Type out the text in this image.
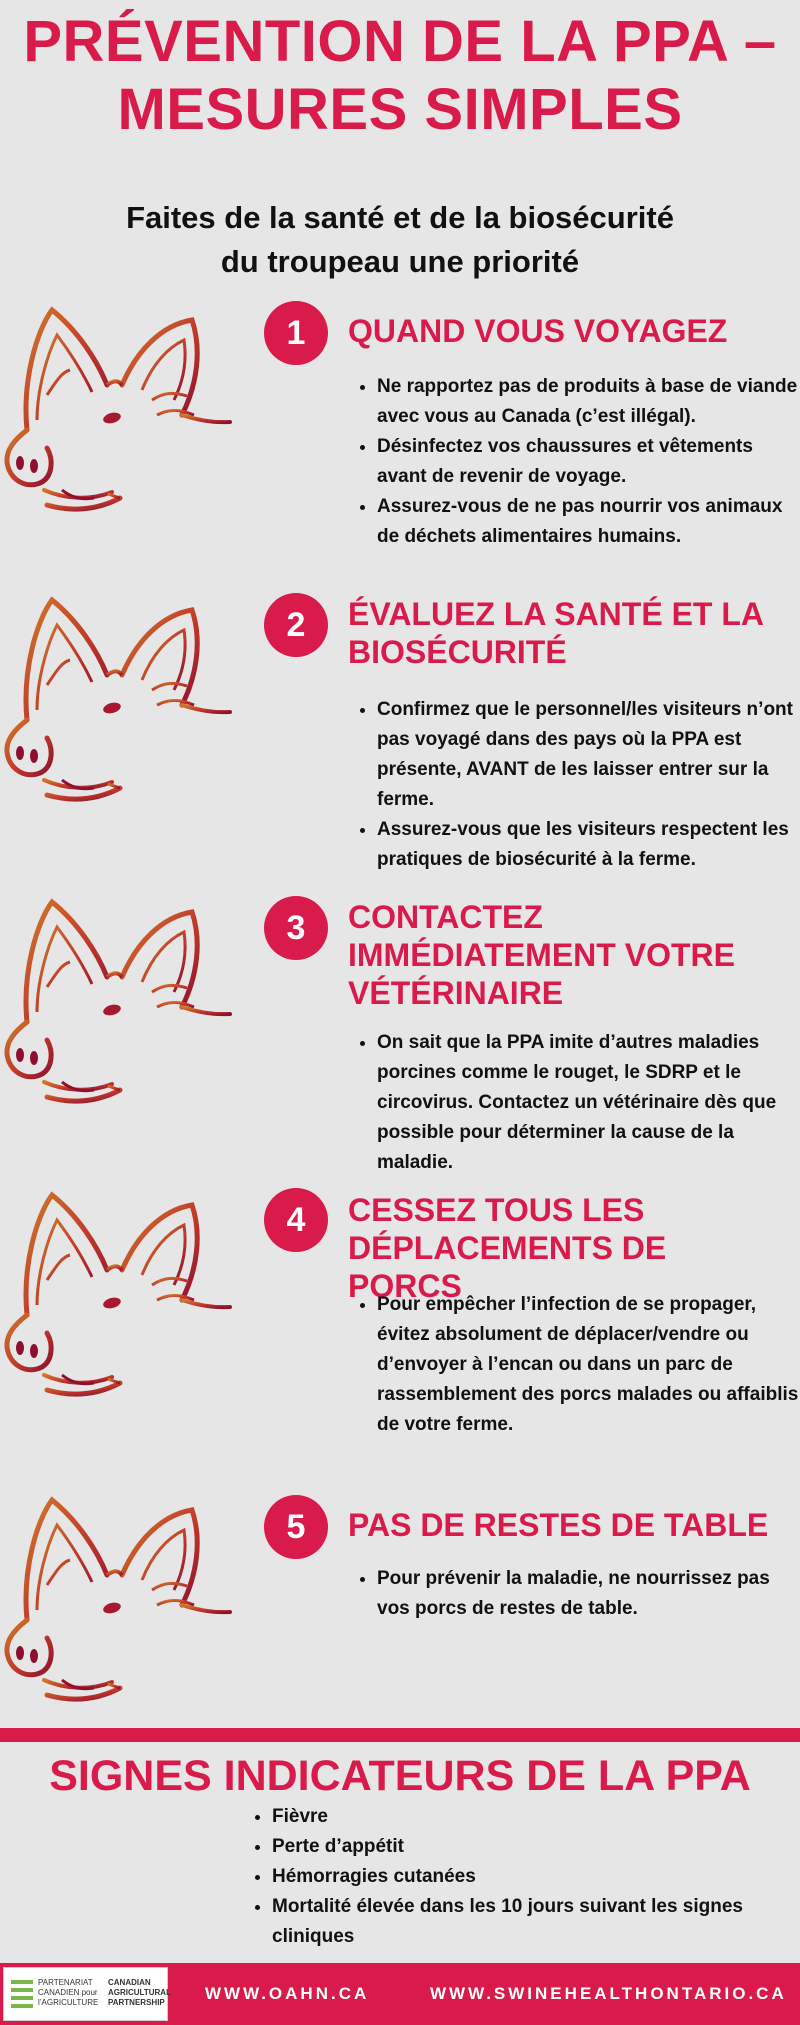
PRÉVENTION DE LA PPA –
MESURES SIMPLES
Faites de la santé et de la biosécurité
du troupeau une priorité
1	QUAND VOUS VOYAGEZ
• Ne rapportez pas de produits à base de viande avec vous au Canada (c’est illégal).
• Désinfectez vos chaussures et vêtements avant de revenir de voyage.
• Assurez-vous de ne pas nourrir vos animaux de déchets alimentaires humains.
2	ÉVALUEZ LA SANTÉ ET LA BIOSÉCURITÉ
• Confirmez que le personnel/les visiteurs n’ont pas voyagé dans des pays où la PPA est présente, AVANT de les laisser entrer sur la ferme.
• Assurez-vous que les visiteurs respectent les pratiques de biosécurité à la ferme.
3	CONTACTEZ IMMÉDIATEMENT VOTRE VÉTÉRINAIRE
• On sait que la PPA imite d’autres maladies porcines comme le rouget, le SDRP et le circovirus. Contactez un vétérinaire dès que possible pour déterminer la cause de la maladie.
4	CESSEZ TOUS LES DÉPLACEMENTS DE PORCS
• Pour empêcher l’infection de se propager, évitez absolument de déplacer/vendre ou d’envoyer à l’encan ou dans un parc de rassemblement des porcs malades ou affaiblis de votre ferme.
5	PAS DE RESTES DE TABLE
• Pour prévenir la maladie, ne nourrissez pas vos porcs de restes de table.
SIGNES INDICATEURS DE LA PPA
• Fièvre
• Perte d’appétit
• Hémorragies cutanées
• Mortalité élevée dans les 10 jours suivant les signes cliniques
PARTENARIAT
CANADIEN pour
l’AGRICULTURE
CANADIAN
AGRICULTURAL
PARTNERSHIP	WWW.OAHN.CA	WWW.SWINEHEALTHONTARIO.CA
